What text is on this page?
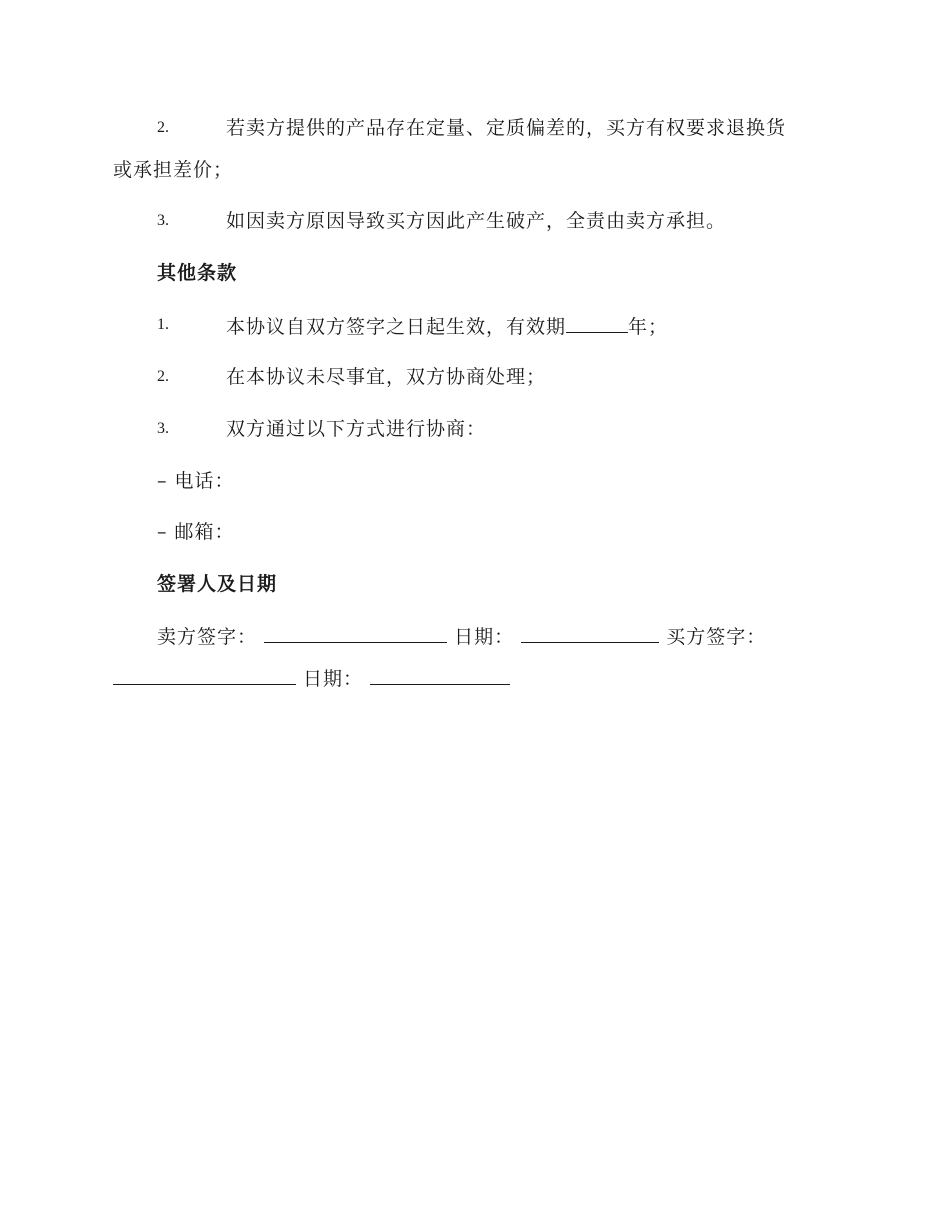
2.	若卖方提供的产品存在定量、定质偏差的，买方有权要求退换货
或承担差价；
3.	如因卖方原因导致买方因此产生破产，全责由卖方承担。
其他条款
1.	本协议自双方签字之日起生效，有效期	年；
2.	在本协议未尽事宜，双方协商处理；
3.	双方通过以下方式进行协商：
– 电话：
– 邮箱：
签署人及日期
卖方签字：	日期：	买方签字：
日期：
